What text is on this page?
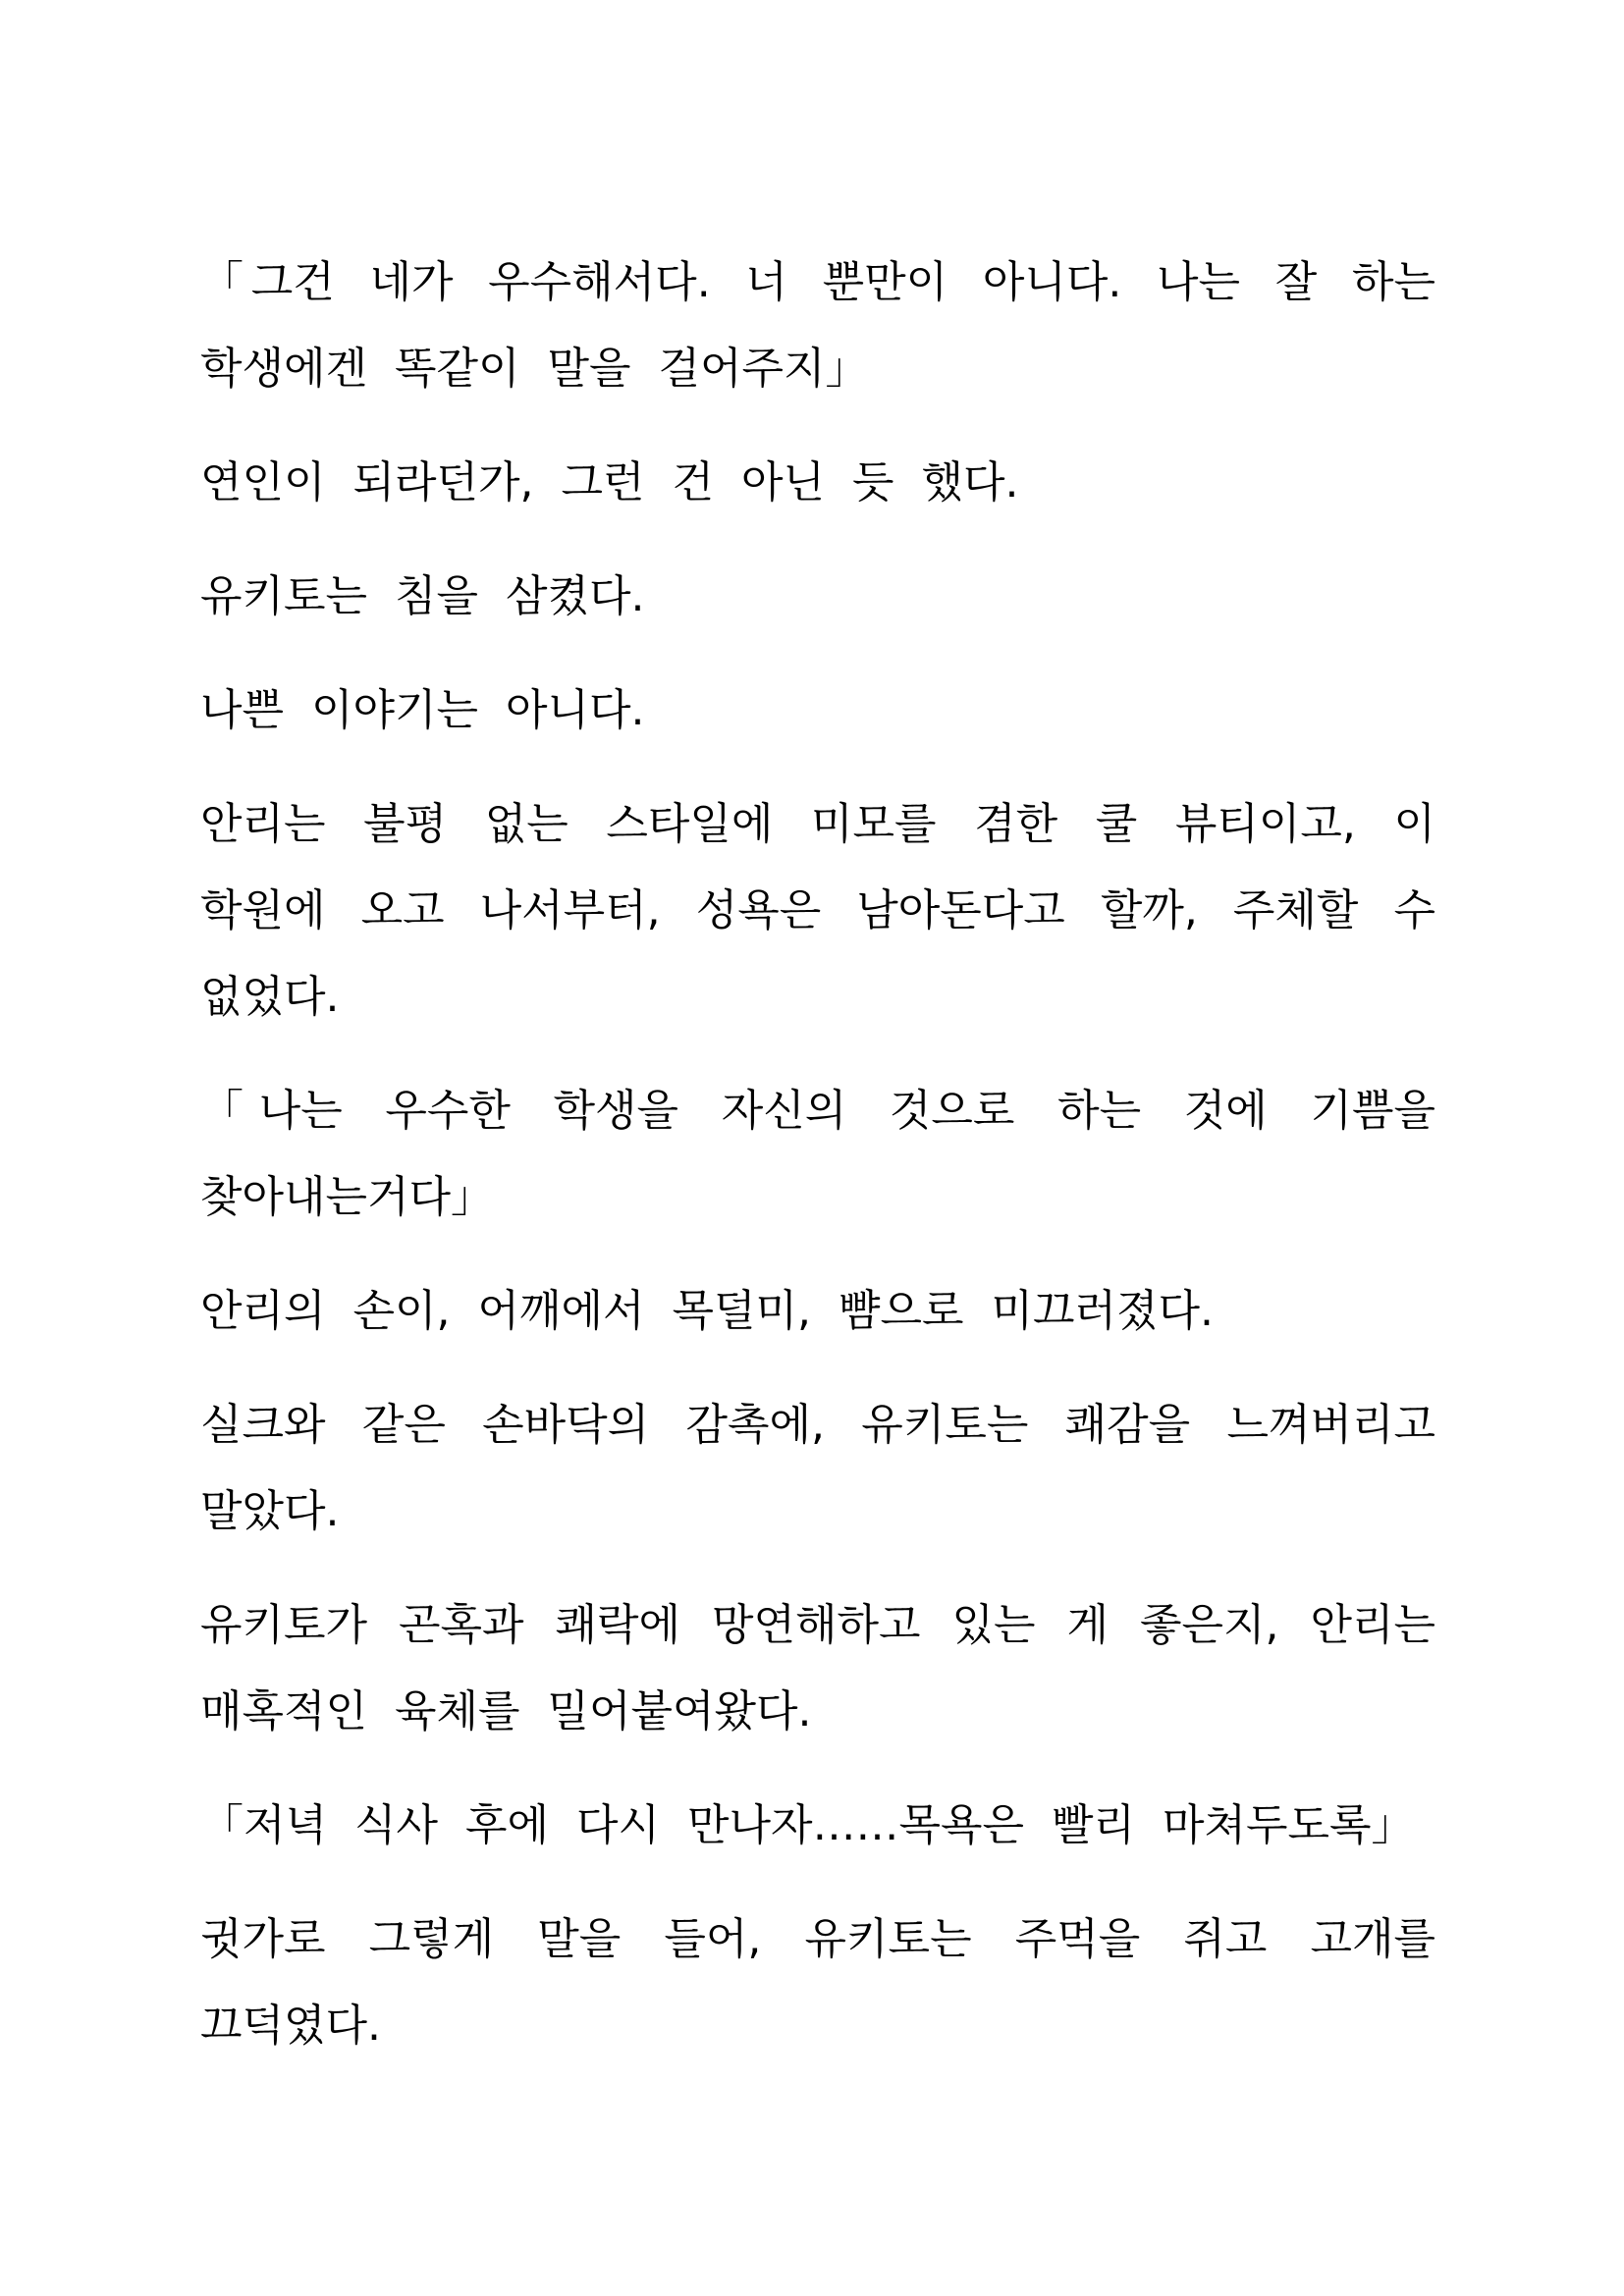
「그건 네가 우수해서다. 너 뿐만이 아니다. 나는 잘 하는 학생에겐 똑같이 말을 걸어주지」

연인이 되라던가, 그런 건 아닌 듯 했다.

유키토는 침을 삼켰다.

나쁜 이야기는 아니다.

안리는 불평 없는 스타일에 미모를 겸한 쿨 뷰티이고, 이 학원에 오고 나서부터, 성욕은 남아돈다고 할까, 주체할 수 없었다.

「나는 우수한 학생을 자신의 것으로 하는 것에 기쁨을 찾아내는거다」

안리의 손이, 어깨에서 목덜미, 뺨으로 미끄러졌다.

실크와 같은 손바닥의 감촉에, 유키토는 쾌감을 느껴버리고 말았다.

유키토가 곤혹과 쾌락에 망연해하고 있는 게 좋은지, 안리는 매혹적인 육체를 밀어붙여왔다.

「저녁 식사 후에 다시 만나자……목욕은 빨리 마쳐두도록」

귓가로 그렇게 말을 들어, 유키토는 주먹을 쥐고 고개를 끄덕였다.
